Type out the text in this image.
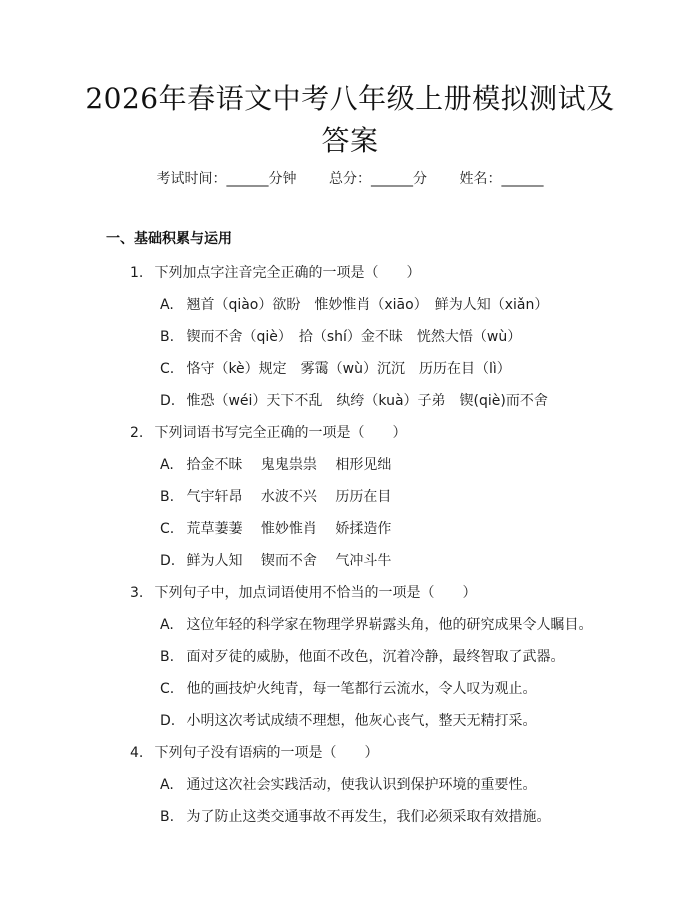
2026年春语文中考八年级上册模拟测试及答案
考试时间：______分钟 总分：______分 姓名：______
一、基础积累与运用
1. 下列加点字注音完全正确的一项是（　　）
A. 翘首（qiào）欲盼　惟妙惟肖（xiāo）　鲜为人知（xiǎn）
B. 锲而不舍（qiè）　拾（shí）金不昧　恍然大悟（wù）
C. 恪守（kè）规定　雾霭（wù）沉沉　历历在目（lì）
D. 惟恐（wéi）天下不乱　纨绔（kuà）子弟　锲(qiè)而不舍
2. 下列词语书写完全正确的一项是（　　）
A. 拾金不昧　 鬼鬼祟祟　 相形见绌
B. 气宇轩昂　 水波不兴　 历历在目
C. 荒草萋萋　 惟妙惟肖　 娇揉造作
D. 鲜为人知　 锲而不舍　 气冲斗牛
3. 下列句子中，加点词语使用不恰当的一项是（　　）
A. 这位年轻的科学家在物理学界崭露头角，他的研究成果令人瞩目。
B. 面对歹徒的威胁，他面不改色，沉着冷静，最终智取了武器。
C. 他的画技炉火纯青，每一笔都行云流水，令人叹为观止。
D. 小明这次考试成绩不理想，他灰心丧气，整天无精打采。
4. 下列句子没有语病的一项是（　　）
A. 通过这次社会实践活动，使我认识到保护环境的重要性。
B. 为了防止这类交通事故不再发生，我们必须采取有效措施。
